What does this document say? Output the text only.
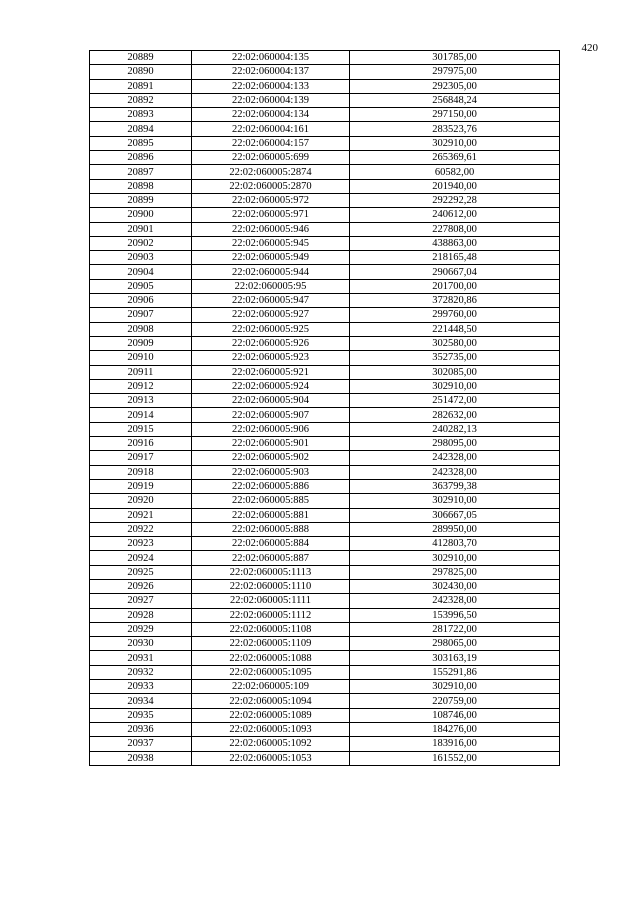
420
20889	22:02:060004:135	301785,00
20890	22:02:060004:137	297975,00
20891	22:02:060004:133	292305,00
20892	22:02:060004:139	256848,24
20893	22:02:060004:134	297150,00
20894	22:02:060004:161	283523,76
20895	22:02:060004:157	302910,00
20896	22:02:060005:699	265369,61
20897	22:02:060005:2874	60582,00
20898	22:02:060005:2870	201940,00
20899	22:02:060005:972	292292,28
20900	22:02:060005:971	240612,00
20901	22:02:060005:946	227808,00
20902	22:02:060005:945	438863,00
20903	22:02:060005:949	218165,48
20904	22:02:060005:944	290667,04
20905	22:02:060005:95	201700,00
20906	22:02:060005:947	372820,86
20907	22:02:060005:927	299760,00
20908	22:02:060005:925	221448,50
20909	22:02:060005:926	302580,00
20910	22:02:060005:923	352735,00
20911	22:02:060005:921	302085,00
20912	22:02:060005:924	302910,00
20913	22:02:060005:904	251472,00
20914	22:02:060005:907	282632,00
20915	22:02:060005:906	240282,13
20916	22:02:060005:901	298095,00
20917	22:02:060005:902	242328,00
20918	22:02:060005:903	242328,00
20919	22:02:060005:886	363799,38
20920	22:02:060005:885	302910,00
20921	22:02:060005:881	306667,05
20922	22:02:060005:888	289950,00
20923	22:02:060005:884	412803,70
20924	22:02:060005:887	302910,00
20925	22:02:060005:1113	297825,00
20926	22:02:060005:1110	302430,00
20927	22:02:060005:1111	242328,00
20928	22:02:060005:1112	153996,50
20929	22:02:060005:1108	281722,00
20930	22:02:060005:1109	298065,00
20931	22:02:060005:1088	303163,19
20932	22:02:060005:1095	155291,86
20933	22:02:060005:109	302910,00
20934	22:02:060005:1094	220759,00
20935	22:02:060005:1089	108746,00
20936	22:02:060005:1093	184276,00
20937	22:02:060005:1092	183916,00
20938	22:02:060005:1053	161552,00
